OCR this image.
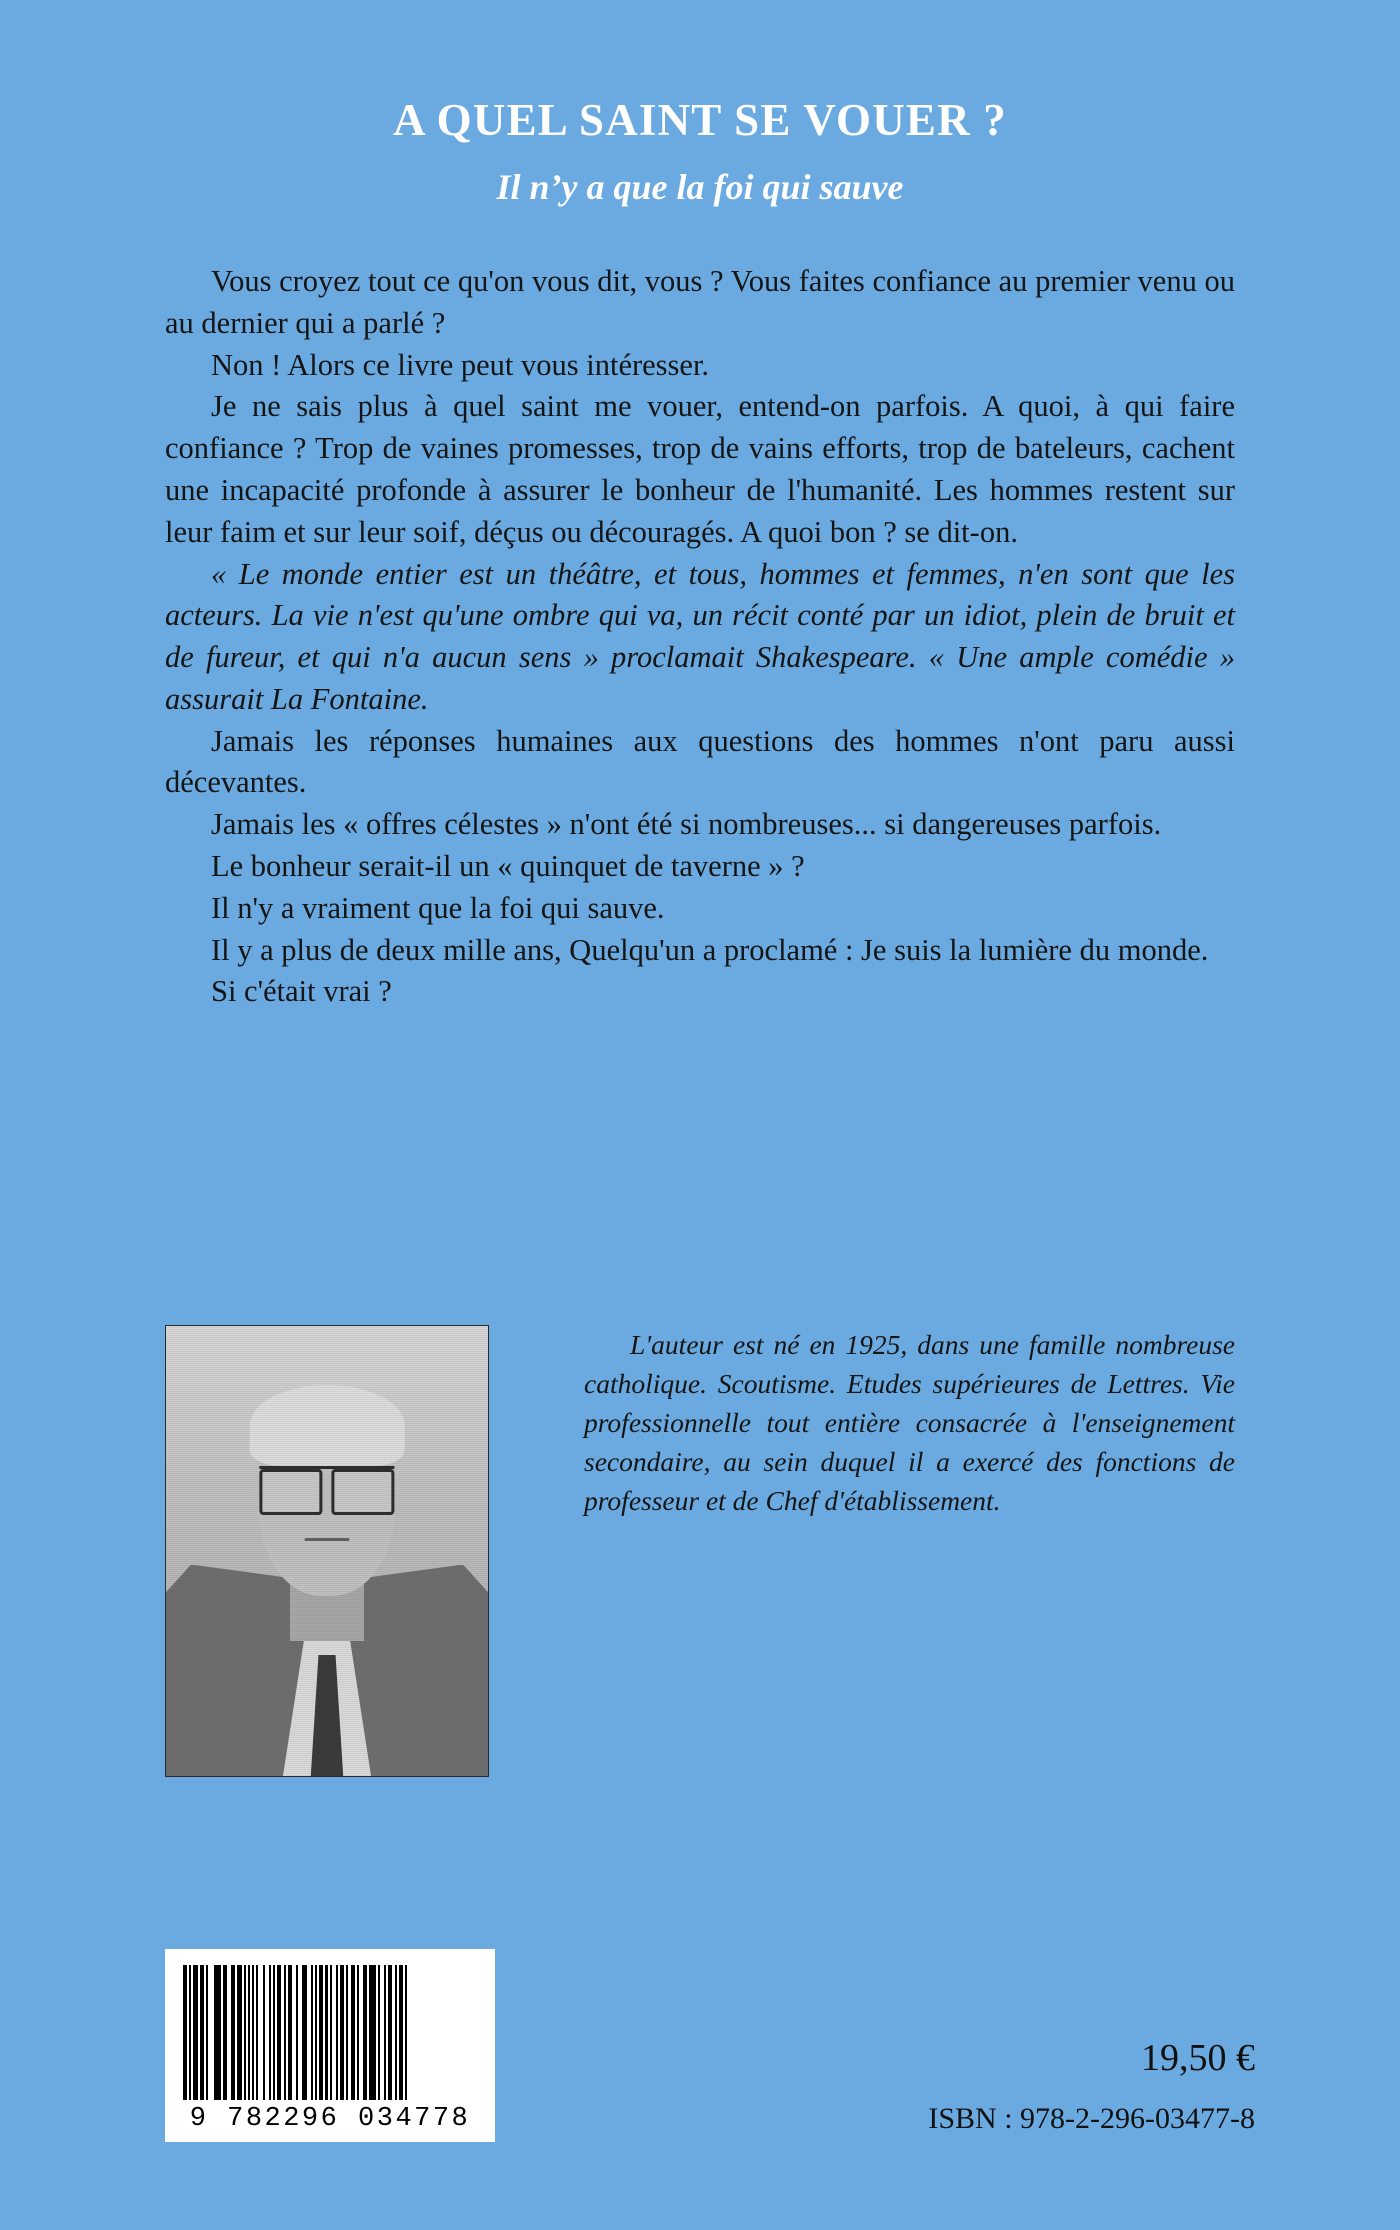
A QUEL SAINT SE VOUER ?
Il n’y a que la foi qui sauve

Vous croyez tout ce qu'on vous dit, vous ? Vous faites confiance au premier venu ou au dernier qui a parlé ?

Non ! Alors ce livre peut vous intéresser.

Je ne sais plus à quel saint me vouer, entend-on parfois. A quoi, à qui faire confiance ? Trop de vaines promesses, trop de vains efforts, trop de bateleurs, cachent une incapacité profonde à assurer le bonheur de l'humanité. Les hommes restent sur leur faim et sur leur soif, déçus ou découragés. A quoi bon ? se dit-on.

« Le monde entier est un théâtre, et tous, hommes et femmes, n'en sont que les acteurs. La vie n'est qu'une ombre qui va, un récit conté par un idiot, plein de bruit et de fureur, et qui n'a aucun sens » proclamait Shakespeare. « Une ample comédie » assurait La Fontaine.

Jamais les réponses humaines aux questions des hommes n'ont paru aussi décevantes.

Jamais les « offres célestes » n'ont été si nombreuses... si dangereuses parfois.

Le bonheur serait-il un « quinquet de taverne » ?

Il n'y a vraiment que la foi qui sauve.

Il y a plus de deux mille ans, Quelqu'un a proclamé : Je suis la lumière du monde.

Si c'était vrai ?

L'auteur est né en 1925, dans une famille nombreuse catholique. Scoutisme. Etudes supérieures de Lettres. Vie professionnelle tout entière consacrée à l'enseignement secondaire, au sein duquel il a exercé des fonctions de professeur et de Chef d'établissement.
9 782296 034778

19,50 €

ISBN : 978-2-296-03477-8
